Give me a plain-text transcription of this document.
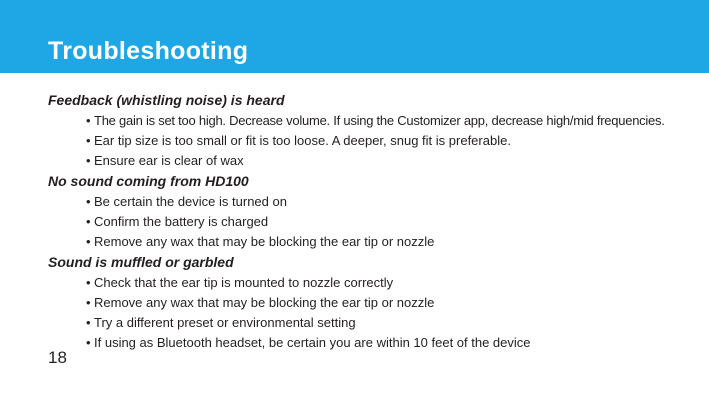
Troubleshooting
Feedback (whistling noise) is heard
• The gain is set too high. Decrease volume. If using the Customizer app, decrease high/mid frequencies.
• Ear tip size is too small or fit is too loose. A deeper, snug fit is preferable.
• Ensure ear is clear of wax
No sound coming from HD100
• Be certain the device is turned on
• Confirm the battery is charged
• Remove any wax that may be blocking the ear tip or nozzle
Sound is muffled or garbled
• Check that the ear tip is mounted to nozzle correctly
• Remove any wax that may be blocking the ear tip or nozzle
• Try a different preset or environmental setting
• If using as Bluetooth headset, be certain you are within 10 feet of the device
18
